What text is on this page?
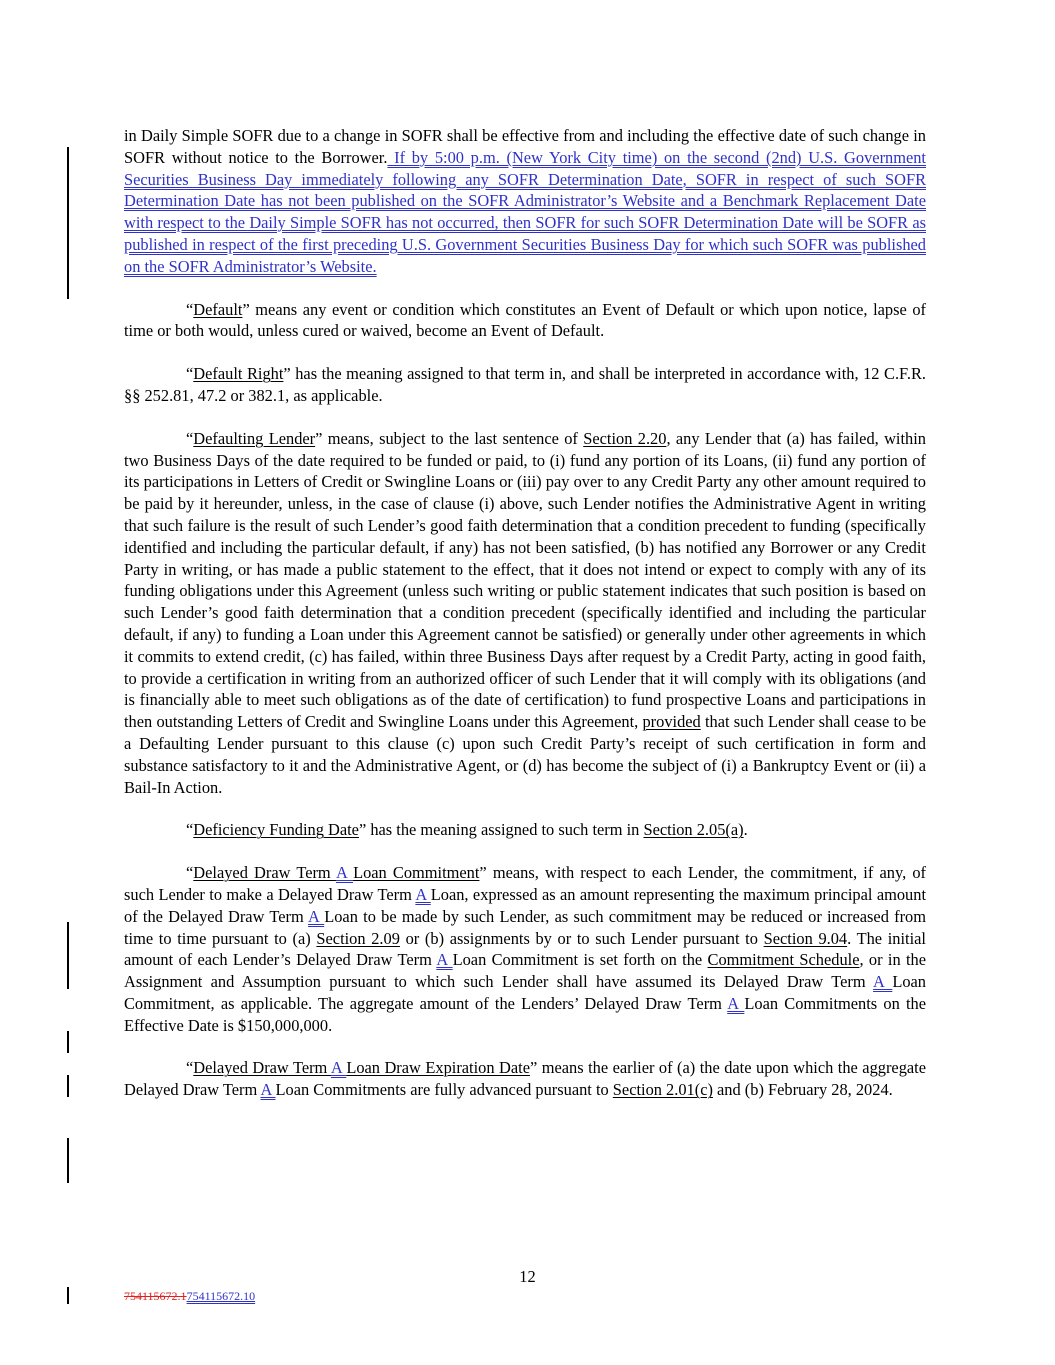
in Daily Simple SOFR due to a change in SOFR shall be effective from and including the effective date of such change in SOFR without notice to the Borrower. If by 5:00 p.m. (New York City time) on the second (2nd) U.S. Government Securities Business Day immediately following any SOFR Determination Date, SOFR in respect of such SOFR Determination Date has not been published on the SOFR Administrator’s Website and a Benchmark Replacement Date with respect to the Daily Simple SOFR has not occurred, then SOFR for such SOFR Determination Date will be SOFR as published in respect of the first preceding U.S. Government Securities Business Day for which such SOFR was published on the SOFR Administrator’s Website.

“Default” means any event or condition which constitutes an Event of Default or which upon notice, lapse of time or both would, unless cured or waived, become an Event of Default.

“Default Right” has the meaning assigned to that term in, and shall be interpreted in accordance with, 12 C.F.R. §§ 252.81, 47.2 or 382.1, as applicable.

“Defaulting Lender” means, subject to the last sentence of Section 2.20, any Lender that (a) has failed, within two Business Days of the date required to be funded or paid, to (i) fund any portion of its Loans, (ii) fund any portion of its participations in Letters of Credit or Swingline Loans or (iii) pay over to any Credit Party any other amount required to be paid by it hereunder, unless, in the case of clause (i) above, such Lender notifies the Administrative Agent in writing that such failure is the result of such Lender’s good faith determination that a condition precedent to funding (specifically identified and including the particular default, if any) has not been satisfied, (b) has notified any Borrower or any Credit Party in writing, or has made a public statement to the effect, that it does not intend or expect to comply with any of its funding obligations under this Agreement (unless such writing or public statement indicates that such position is based on such Lender’s good faith determination that a condition precedent (specifically identified and including the particular default, if any) to funding a Loan under this Agreement cannot be satisfied) or generally under other agreements in which it commits to extend credit, (c) has failed, within three Business Days after request by a Credit Party, acting in good faith, to provide a certification in writing from an authorized officer of such Lender that it will comply with its obligations (and is financially able to meet such obligations as of the date of certification) to fund prospective Loans and participations in then outstanding Letters of Credit and Swingline Loans under this Agreement, provided that such Lender shall cease to be a Defaulting Lender pursuant to this clause (c) upon such Credit Party’s receipt of such certification in form and substance satisfactory to it and the Administrative Agent, or (d) has become the subject of (i) a Bankruptcy Event or (ii) a Bail-In Action.

“Deficiency Funding Date” has the meaning assigned to such term in Section 2.05(a).

“Delayed Draw Term A Loan Commitment” means, with respect to each Lender, the commitment, if any, of such Lender to make a Delayed Draw Term A Loan, expressed as an amount representing the maximum principal amount of the Delayed Draw Term A Loan to be made by such Lender, as such commitment may be reduced or increased from time to time pursuant to (a) Section 2.09 or (b) assignments by or to such Lender pursuant to Section 9.04. The initial amount of each Lender’s Delayed Draw Term A Loan Commitment is set forth on the Commitment Schedule, or in the Assignment and Assumption pursuant to which such Lender shall have assumed its Delayed Draw Term A Loan Commitment, as applicable. The aggregate amount of the Lenders’ Delayed Draw Term A Loan Commitments on the Effective Date is $150,000,000.

“Delayed Draw Term A Loan Draw Expiration Date” means the earlier of (a) the date upon which the aggregate Delayed Draw Term A Loan Commitments are fully advanced pursuant to Section 2.01(c) and (b) February 28, 2024.

12
754115672.1754115672.10
